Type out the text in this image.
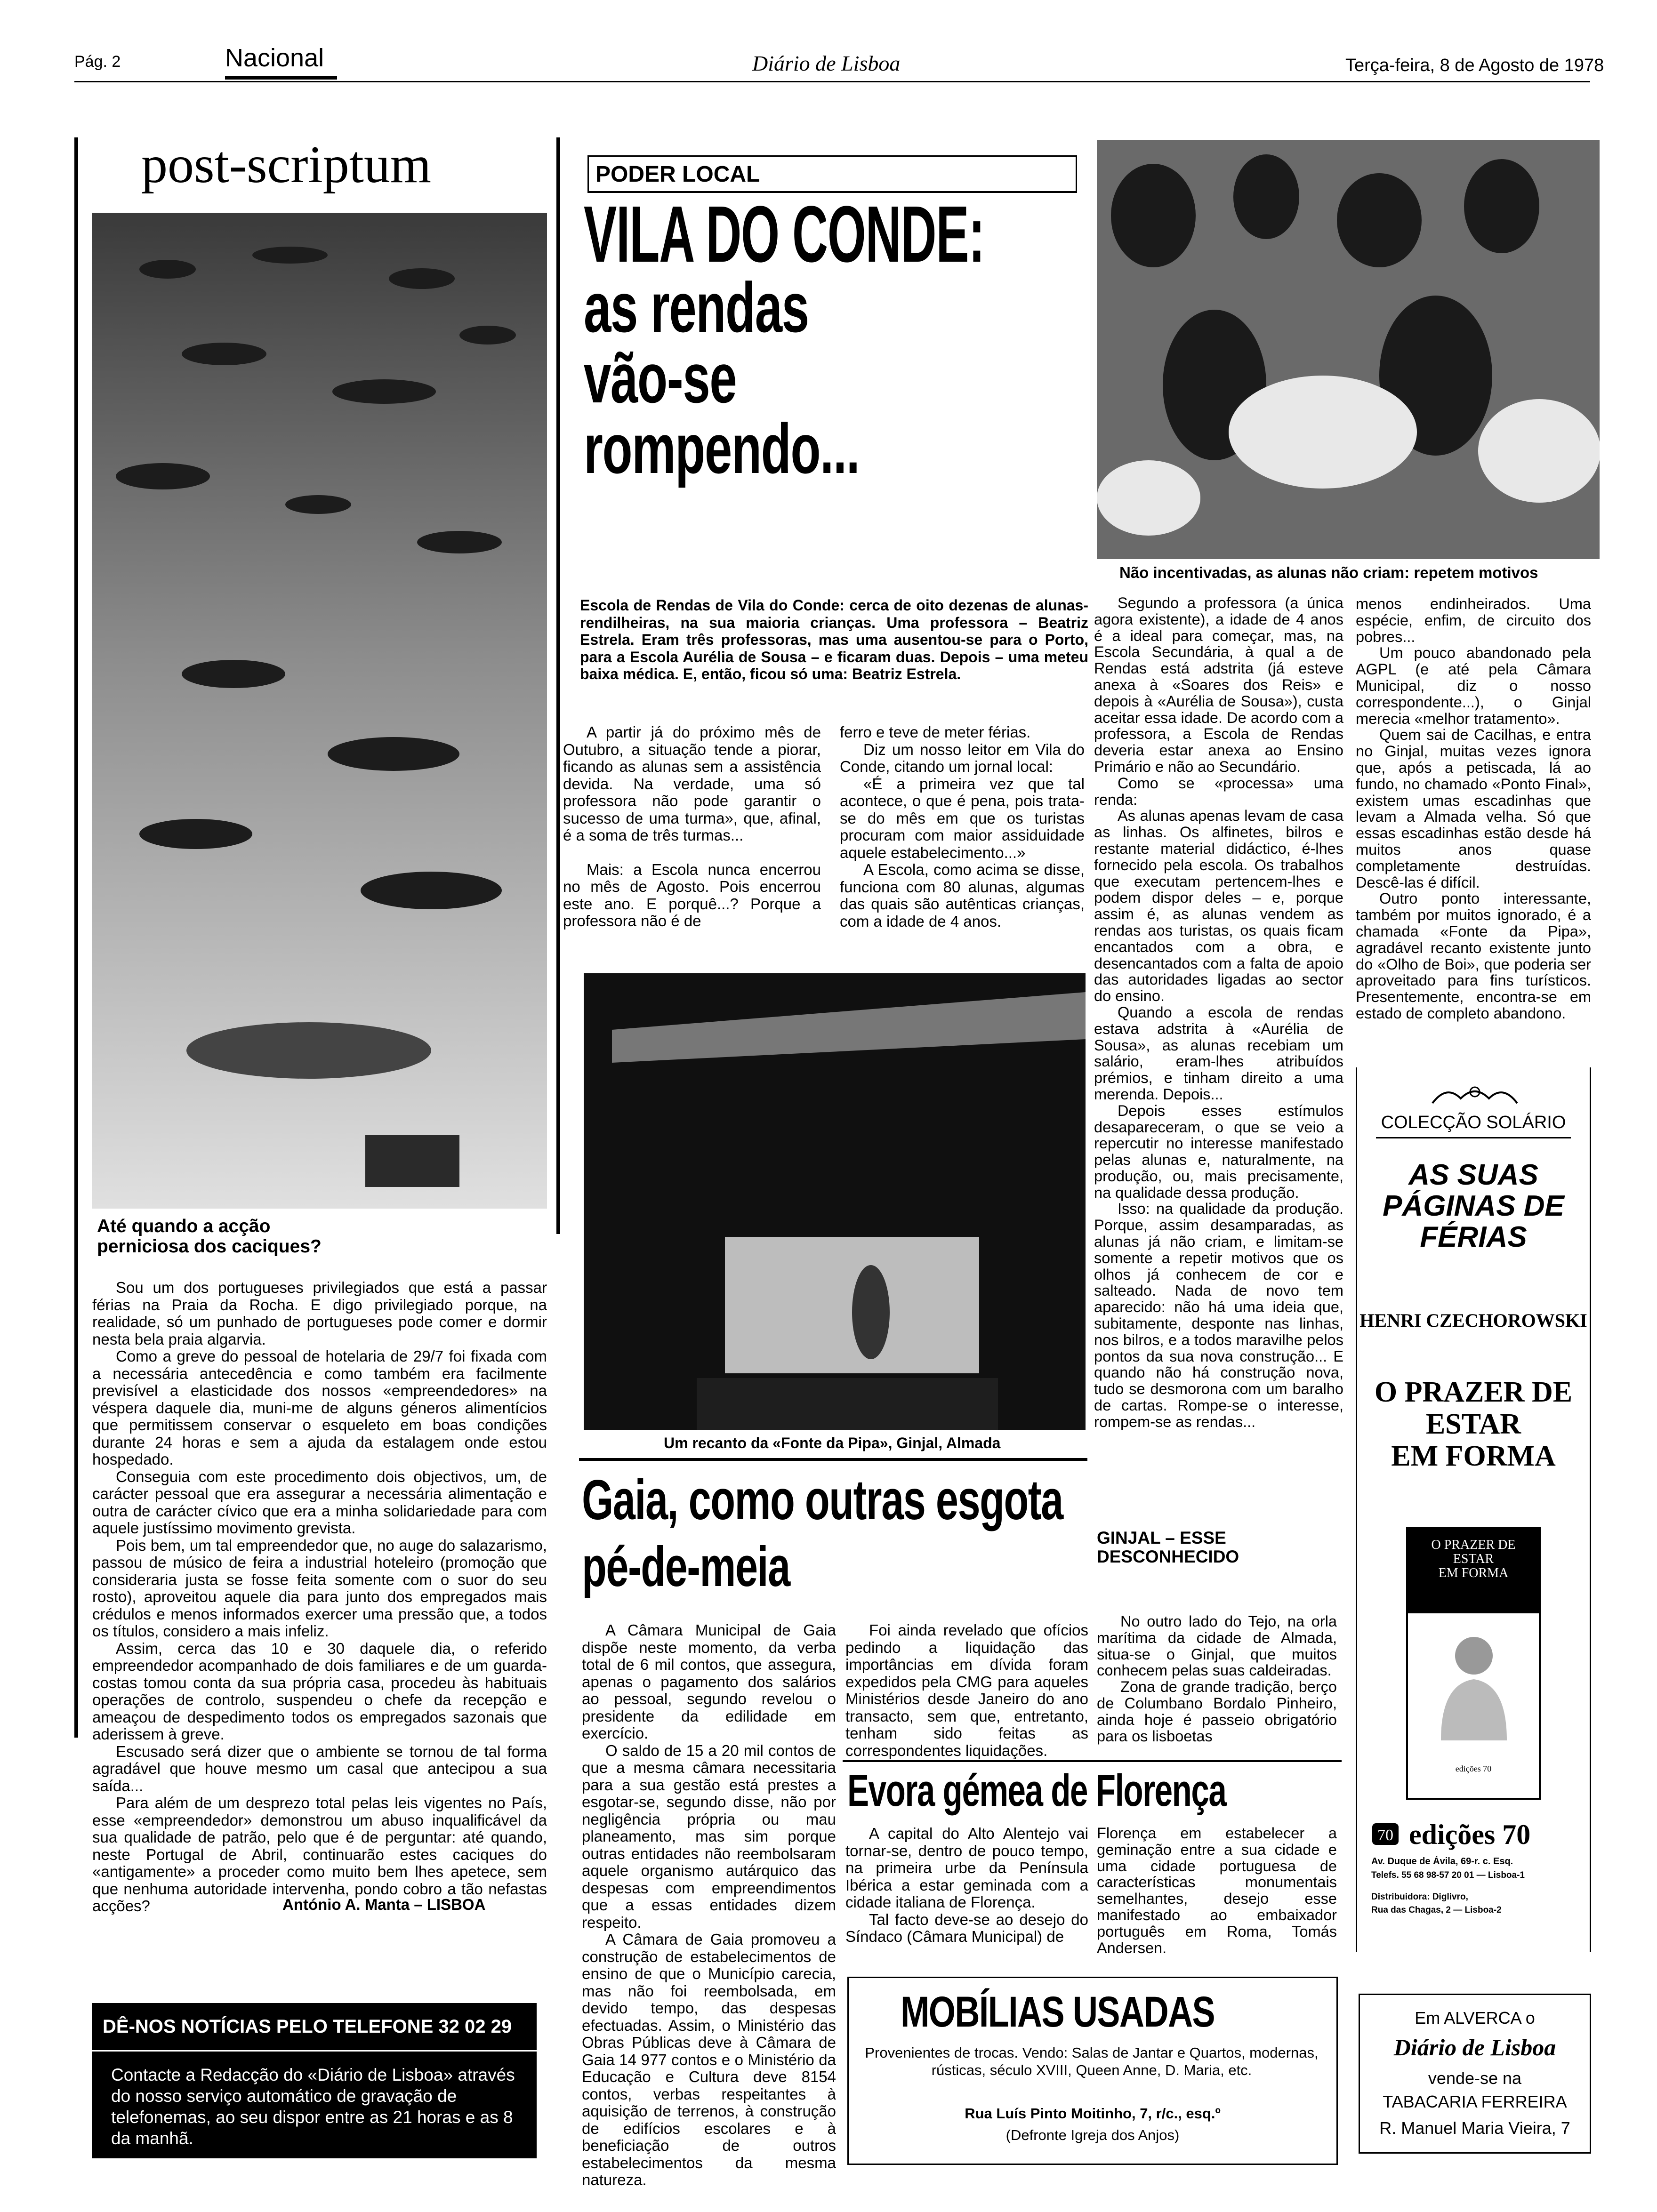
Pág. 2	Nacional	Diário de Lisboa	Terça-feira, 8 de Agosto de 1978
post-scriptum
Até quando a acção perniciosa dos caciques?

Sou um dos portugueses privilegiados que está a passar férias na Praia da Rocha. E digo privilegiado porque, na realidade, só um punhado de portugueses pode comer e dormir nesta bela praia algarvia.

Como a greve do pessoal de hotelaria de 29/7 foi fixada com a necessária antecedência e como também era facilmente previsível a elasticidade dos nossos «empreendedores» na véspera daquele dia, muni-me de alguns géneros alimentícios que permitissem conservar o esqueleto em boas condições durante 24 horas e sem a ajuda da estalagem onde estou hospedado.

Conseguia com este procedimento dois objectivos, um, de carácter pessoal que era assegurar a necessária alimentação e outra de carácter cívico que era a minha solidariedade para com aquele justíssimo movimento grevista.

Pois bem, um tal empreendedor que, no auge do salazarismo, passou de músico de feira a industrial hoteleiro (promoção que consideraria justa se fosse feita somente com o suor do seu rosto), aproveitou aquele dia para junto dos empregados mais crédulos e menos informados exercer uma pressão que, a todos os títulos, considero a mais infeliz.

Assim, cerca das 10 e 30 daquele dia, o referido empreendedor acompanhado de dois familiares e de um guarda-costas tomou conta da sua própria casa, procedeu às habituais operações de controlo, suspendeu o chefe da recepção e ameaçou de despedimento todos os empregados sazonais que aderissem à greve.

Escusado será dizer que o ambiente se tornou de tal forma agradável que houve mesmo um casal que antecipou a sua saída...

Para além de um desprezo total pelas leis vigentes no País, esse «empreendedor» demonstrou um abuso inqualificável da sua qualidade de patrão, pelo que é de perguntar: até quando, neste Portugal de Abril, continuarão estes caciques do «antigamente» a proceder como muito bem lhes apetece, sem que nenhuma autoridade intervenha, pondo cobro a tão nefastas acções?	António A. Manta – LISBOA
DÊ-NOS NOTÍCIAS PELO TELEFONE 32 02 29
Contacte a Redacção do «Diário de Lisboa» através do nosso serviço automático de gravação de telefonemas, ao seu dispor entre as 21 horas e as 8 da manhã.
PODER LOCAL
VILA DO CONDE:
as rendas
vão-se
rompendo...
Não incentivadas, as alunas não criam: repetem motivos
Escola de Rendas de Vila do Conde: cerca de oito dezenas de alunas-rendilheiras, na sua maioria crianças. Uma professora – Beatriz Estrela. Eram três professoras, mas uma ausentou-se para o Porto, para a Escola Aurélia de Sousa – e ficaram duas. Depois – uma meteu baixa médica. E, então, ficou só uma: Beatriz Estrela.

A partir já do próximo mês de Outubro, a situação tende a piorar, ficando as alunas sem a assistência devida. Na verdade, uma só professora não pode garantir o sucesso de uma turma», que, afinal, é a soma de três turmas...

Mais: a Escola nunca encerrou no mês de Agosto. Pois encerrou este ano. E porquê...? Porque a professora não é de

ferro e teve de meter férias.

Diz um nosso leitor em Vila do Conde, citando um jornal local:

«É a primeira vez que tal acontece, o que é pena, pois trata-se do mês em que os turistas procuram com maior assiduidade aquele estabelecimento...»

A Escola, como acima se disse, funciona com 80 alunas, algumas das quais são autênticas crianças, com a idade de 4 anos.

Um recanto da «Fonte da Pipa», Ginjal, Almada

Segundo a professora (a única agora existente), a idade de 4 anos é a ideal para começar, mas, na Escola Secundária, à qual a de Rendas está adstrita (já esteve anexa à «Soares dos Reis» e depois à «Aurélia de Sousa»), custa aceitar essa idade. De acordo com a professora, a Escola de Rendas deveria estar anexa ao Ensino Primário e não ao Secundário.

Como se «processa» uma renda:

As alunas apenas levam de casa as linhas. Os alfinetes, bilros e restante material didáctico, é-lhes fornecido pela escola. Os trabalhos que executam pertencem-lhes e podem dispor deles – e, porque assim é, as alunas vendem as rendas aos turistas, os quais ficam encantados com a obra, e desencantados com a falta de apoio das autoridades ligadas ao sector do ensino.

Quando a escola de rendas estava adstrita à «Aurélia de Sousa», as alunas recebiam um salário, eram-lhes atribuídos prémios, e tinham direito a uma merenda. Depois...

Depois esses estímulos desapareceram, o que se veio a repercutir no interesse manifestado pelas alunas e, naturalmente, na produção, ou, mais precisamente, na qualidade dessa produção.

Isso: na qualidade da produção. Porque, assim desamparadas, as alunas já não criam, e limitam-se somente a repetir motivos que os olhos já conhecem de cor e salteado. Nada de novo tem aparecido: não há uma ideia que, subitamente, desponte nas linhas, nos bilros, e a todos maravilhe pelos pontos da sua nova construção... E quando não há construção nova, tudo se desmorona com um baralho de cartas. Rompe-se o interesse, rompem-se as rendas...

menos endinheirados. Uma espécie, enfim, de circuito dos pobres...

Um pouco abandonado pela AGPL (e até pela Câmara Municipal, diz o nosso correspondente...), o Ginjal merecia «melhor tratamento».

Quem sai de Cacilhas, e entra no Ginjal, muitas vezes ignora que, após a petiscada, lá ao fundo, no chamado «Ponto Final», existem umas escadinhas que levam a Almada velha. Só que essas escadinhas estão desde há muitos anos quase completamente destruídas. Descê-las é difícil.

Outro ponto interessante, também por muitos ignorado, é a chamada «Fonte da Pipa», agradável recanto existente junto do «Olho de Boi», que poderia ser aproveitado para fins turísticos. Presentemente, encontra-se em estado de completo abandono.

GINJAL – ESSE DESCONHECIDO

No outro lado do Tejo, na orla marítima da cidade de Almada, situa-se o Ginjal, que muitos conhecem pelas suas caldeiradas.

Zona de grande tradição, berço de Columbano Bordalo Pinheiro, ainda hoje é passeio obrigatório para os lisboetas

Gaia, como outras esgota pé-de-meia

A Câmara Municipal de Gaia dispõe neste momento, da verba total de 6 mil contos, que assegura, apenas o pagamento dos salários ao pessoal, segundo revelou o presidente da edilidade em exercício.

O saldo de 15 a 20 mil contos de que a mesma câmara necessitaria para a sua gestão está prestes a esgotar-se, segundo disse, não por negligência própria ou mau planeamento, mas sim porque outras entidades não reembolsaram aquele organismo autárquico das despesas com empreendimentos que a essas entidades dizem respeito.

A Câmara de Gaia promoveu a construção de estabelecimentos de ensino de que o Município carecia, mas não foi reembolsada, em devido tempo, das despesas efectuadas. Assim, o Ministério das Obras Públicas deve à Câmara de Gaia 14 977 contos e o Ministério da Educação e Cultura deve 8154 contos, verbas respeitantes à aquisição de terrenos, à construção de edifícios escolares e à beneficiação de outros estabelecimentos da mesma natureza.

Foi ainda revelado que ofícios pedindo a liquidação das importâncias em dívida foram expedidos pela CMG para aqueles Ministérios desde Janeiro do ano transacto, sem que, entretanto, tenham sido feitas as correspondentes liquidações.

Evora gémea de Florença

A capital do Alto Alentejo vai tornar-se, dentro de pouco tempo, na primeira urbe da Península Ibérica a estar geminada com a cidade italiana de Florença.

Tal facto deve-se ao desejo do Síndaco (Câmara Municipal) de

Florença em estabelecer a geminação entre a sua cidade e uma cidade portuguesa de características monumentais semelhantes, desejo esse manifestado ao embaixador português em Roma, Tomás Andersen.

MOBÍLIAS USADAS
Provenientes de trocas. Vendo: Salas de Jantar e Quartos, modernas, rústicas, século XVIII, Queen Anne, D. Maria, etc.
Rua Luís Pinto Moitinho, 7, r/c., esq.º
(Defronte Igreja dos Anjos)
COLECÇÃO SOLÁRIO
AS SUAS
PÁGINAS DE
FÉRIAS
HENRI CZECHOROWSKI
O PRAZER DE
ESTAR
EM FORMA
O PRAZER DE
ESTAR
EM FORMA
edições 70
70 edições 70
Av. Duque de Ávila, 69-r. c. Esq.
Telefs. 55 68 98-57 20 01 — Lisboa-1
Distribuidora: Diglivro,
Rua das Chagas, 2 — Lisboa-2
Em ALVERCA o
Diário de Lisboa
vende-se na
TABACARIA FERREIRA
R. Manuel Maria Vieira, 7
